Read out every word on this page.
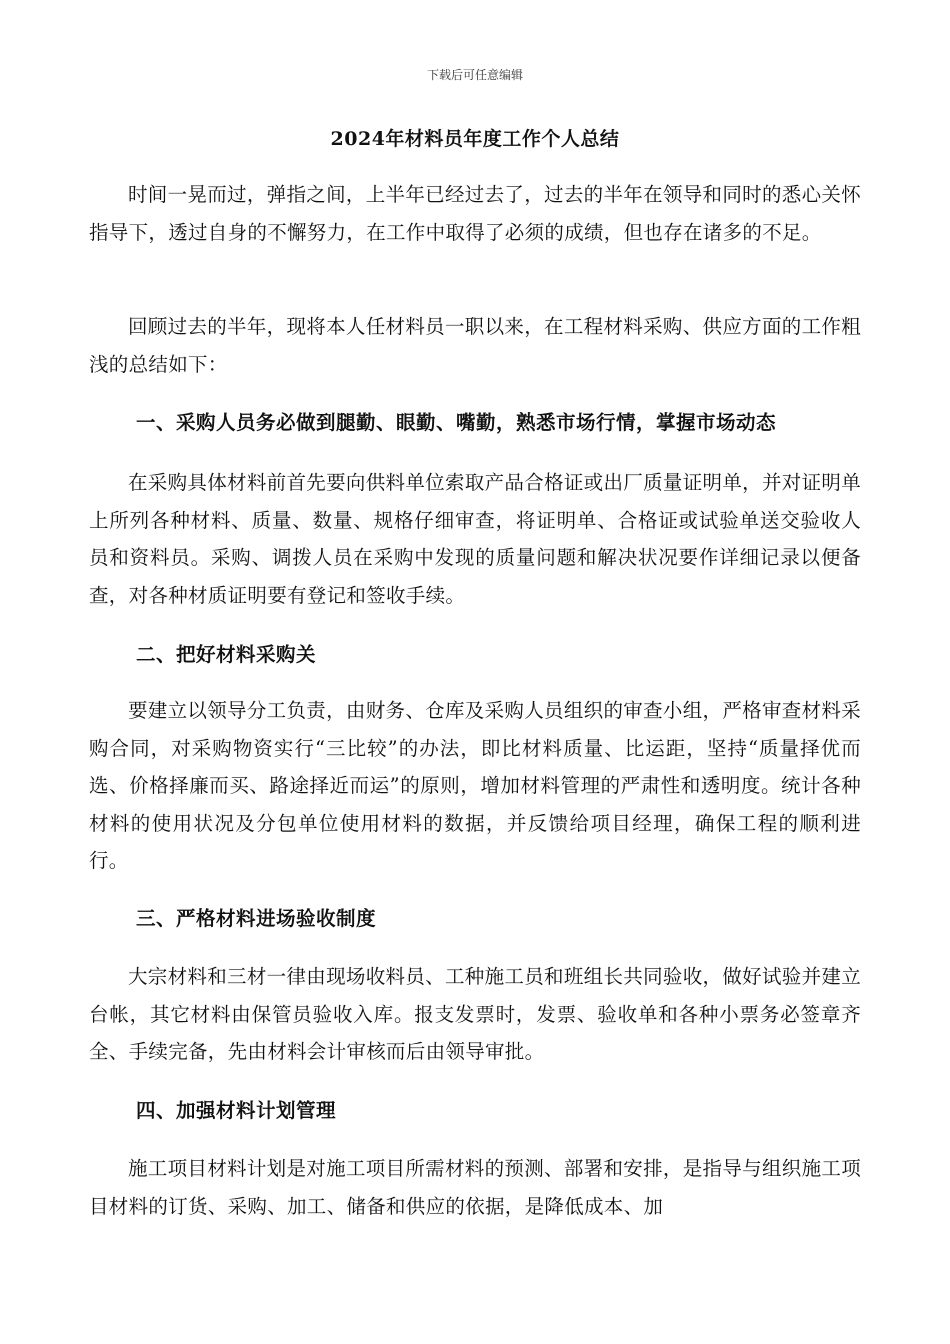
下载后可任意编辑
2024年材料员年度工作个人总结
时间一晃而过，弹指之间，上半年已经过去了，过去的半年在领导和同时的悉心关怀指导下，透过自身的不懈努力，在工作中取得了必须的成绩，但也存在诸多的不足。
回顾过去的半年，现将本人任材料员一职以来，在工程材料采购、供应方面的工作粗浅的总结如下：
一、采购人员务必做到腿勤、眼勤、嘴勤，熟悉市场行情，掌握市场动态
在采购具体材料前首先要向供料单位索取产品合格证或出厂质量证明单，并对证明单上所列各种材料、质量、数量、规格仔细审查，将证明单、合格证或试验单送交验收人员和资料员。采购、调拨人员在采购中发现的质量问题和解决状况要作详细记录以便备查，对各种材质证明要有登记和签收手续。
二、把好材料采购关
要建立以领导分工负责，由财务、仓库及采购人员组织的审查小组，严格审查材料采购合同，对采购物资实行“三比较”的办法，即比材料质量、比运距，坚持“质量择优而选、价格择廉而买、路途择近而运”的原则，增加材料管理的严肃性和透明度。统计各种材料的使用状况及分包单位使用材料的数据，并反馈给项目经理，确保工程的顺利进行。
三、严格材料进场验收制度
大宗材料和三材一律由现场收料员、工种施工员和班组长共同验收，做好试验并建立台帐，其它材料由保管员验收入库。报支发票时，发票、验收单和各种小票务必签章齐全、手续完备，先由材料会计审核而后由领导审批。
四、加强材料计划管理
施工项目材料计划是对施工项目所需材料的预测、部署和安排，是指导与组织施工项目材料的订货、采购、加工、储备和供应的依据，是降低成本、加
